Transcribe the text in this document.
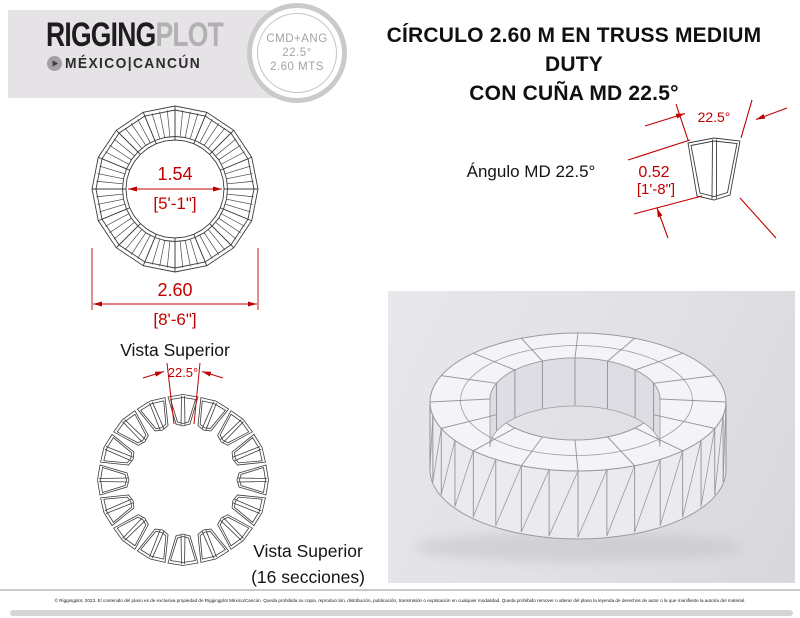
RIGGINGPLOT
MÉXICO|CANCÚN
CMD+ANG
22.5°
2.60 MTS
CÍRCULO 2.60 M EN TRUSS MEDIUM DUTY
CON CUÑA MD 22.5°
1.54
[5'-1"]
2.60
[8'-6"]
Vista Superior
22.5°
Vista Superior
(16 secciones)
Ángulo MD 22.5°
22.5°
0.52
[1'-8"]
© Riggingplot, 2023. El contenido del plano es de exclusiva propiedad de Riggingplot México/Cancún. Queda prohibida su copia, reproducción, distribución, publicación, transmisión o explotación en cualquier modalidad. Queda prohibido remover o alterar del plano la leyenda de derechos de autor o la que manifieste la autoría del material.
